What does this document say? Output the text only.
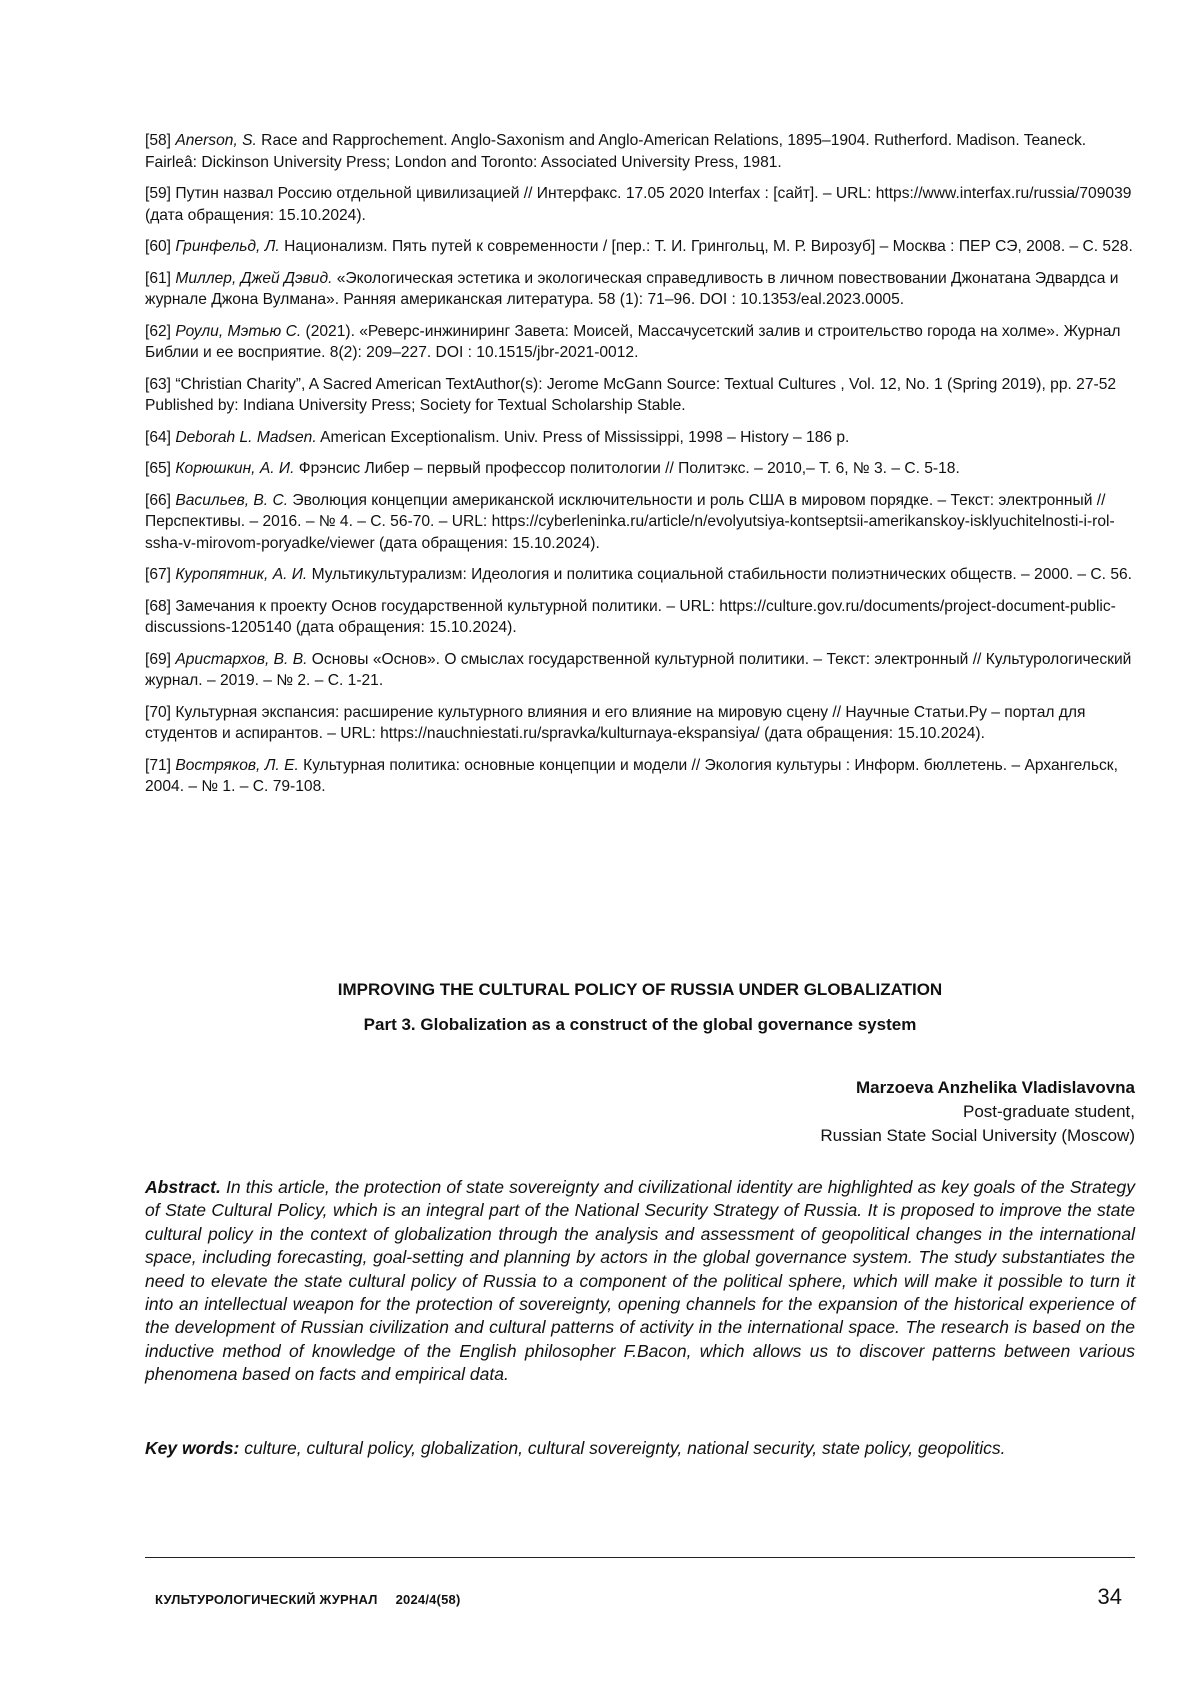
[58] Anerson, S. Race and Rapprochement. Anglo-Saxonism and Anglo-American Relations, 1895–1904. Rutherford. Madison. Teaneck. Fairleâ: Dickinson University Press; London and Toronto: Associated University Press, 1981.

[59] Путин назвал Россию отдельной цивилизацией // Интерфакс. 17.05 2020 Interfax : [сайт]. – URL: https://www.interfax.ru/russia/709039 (дата обращения: 15.10.2024).

[60] Гринфельд, Л. Национализм. Пять путей к современности / [пер.: Т. И. Грингольц, М. Р. Вирозуб] – Москва : ПЕР СЭ, 2008. – С. 528.

[61] Миллер, Джей Дэвид. «Экологическая эстетика и экологическая справедливость в личном повествовании Джонатана Эдвардса и журнале Джона Вулмана». Ранняя американская литература. 58 (1): 71–96. DOI : 10.1353/eal.2023.0005.

[62] Роули, Мэтью С. (2021). «Реверс-инжиниринг Завета: Моисей, Массачусетский залив и строительство города на холме». Журнал Библии и ее восприятие. 8(2): 209–227. DOI : 10.1515/jbr-2021-0012.

[63] “Christian Charity”, A Sacred American TextAuthor(s): Jerome McGann Source: Textual Cultures , Vol. 12, No. 1 (Spring 2019), pp. 27-52 Published by: Indiana University Press; Society for Textual Scholarship Stable.

[64] Deborah L. Madsen. American Exceptionalism. Univ. Press of Mississippi, 1998 – History – 186 p.

[65] Корюшкин, А. И. Фрэнсис Либер – первый профессор политологии // Политэкс. – 2010,– Т. 6, № 3. – С. 5-18.

[66] Васильев, В. С. Эволюция концепции американской исключительности и роль США в мировом порядке. – Текст: электронный // Перспективы. – 2016. – № 4. – С. 56-70. – URL: https://cyberleninka.ru/article/n/evolyutsiya-kontseptsii-amerikanskoy-isklyuchitelnosti-i-rol-ssha-v-mirovom-poryadke/viewer (дата обращения: 15.10.2024).

[67] Куропятник, А. И. Мультикультурализм: Идеология и политика социальной стабильности полиэтнических обществ. – 2000. – С. 56.

[68] Замечания к проекту Основ государственной культурной политики. – URL: https://culture.gov.ru/documents/project-document-public-discussions-1205140 (дата обращения: 15.10.2024).

[69] Аристархов, В. В. Основы «Основ». О смыслах государственной культурной политики. – Текст: электронный // Культурологический журнал. – 2019. – № 2. – С. 1-21.

[70] Культурная экспансия: расширение культурного влияния и его влияние на мировую сцену // Научные Статьи.Ру – портал для студентов и аспирантов. – URL: https://nauchniestati.ru/spravka/kulturnaya-ekspansiya/ (дата обращения: 15.10.2024).

[71] Востряков, Л. Е. Культурная политика: основные концепции и модели // Экология культуры : Информ. бюллетень. – Архангельск, 2004. – № 1. – С. 79-108.

IMPROVING THE CULTURAL POLICY OF RUSSIA UNDER GLOBALIZATION
Part 3. Globalization as a construct of the global governance system
Marzoeva Anzhelika Vladislavovna
Post-graduate student,
Russian State Social University (Moscow)

Abstract. In this article, the protection of state sovereignty and civilizational identity are highlighted as key goals of the Strategy of State Cultural Policy, which is an integral part of the National Security Strategy of Russia. It is proposed to improve the state cultural policy in the context of globalization through the analysis and assessment of geopolitical changes in the international space, including forecasting, goal-setting and planning by actors in the global governance system. The study substantiates the need to elevate the state cultural policy of Russia to a component of the political sphere, which will make it possible to turn it into an intellectual weapon for the protection of sovereignty, opening channels for the expansion of the historical experience of the development of Russian civilization and cultural patterns of activity in the international space. The research is based on the inductive method of knowledge of the English philosopher F.Bacon, which allows us to discover patterns between various phenomena based on facts and empirical data.

Key words: culture, cultural policy, globalization, cultural sovereignty, national security, state policy, geopolitics.

КУЛЬТУРОЛОГИЧЕСКИЙ ЖУРНАЛ 2024/4(58)	34
